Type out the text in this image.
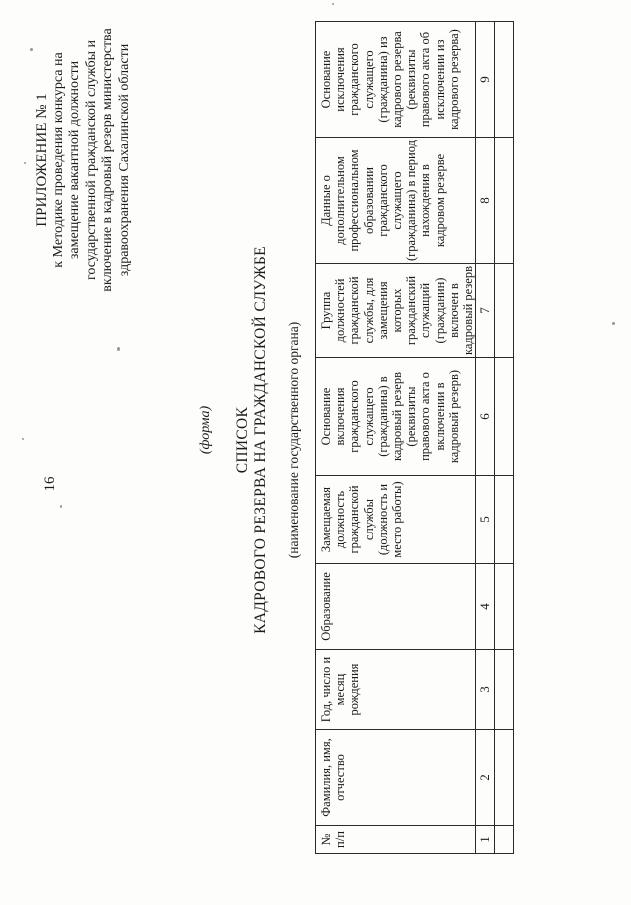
16
ПРИЛОЖЕНИЕ № 1 к Методике проведения конкурса на замещение вакантной должности государственной гражданской службы и включение в кадровый резерв министерства здравоохранения Сахалинской области
(форма) СПИСОК КАДРОВОГО РЕЗЕРВА НА ГРАЖДАНСКОЙ СЛУЖБЕ (наименование государственного органа)
№ п/п	Фамилия, имя, отчество	Год, число и месяц рождения	Образование	Замещаемая должность гражданской службы (должность и место работы)	Основание включения гражданского служащего (гражданина) в кадровый резерв (реквизиты правового акта о включении в кадровый резерв)	Группа должностей гражданской службы, для замещения которых гражданский служащий (гражданин) включен в кадровый резерв	Данные о дополнительном профессиональном образовании гражданского служащего (гражданина) в период нахождения в кадровом резерве	Основание исключения гражданского служащего (гражданина) из кадрового резерва (реквизиты правового акта об исключении из кадрового резерва)

1	2	3	4	5	6	7	8	9
